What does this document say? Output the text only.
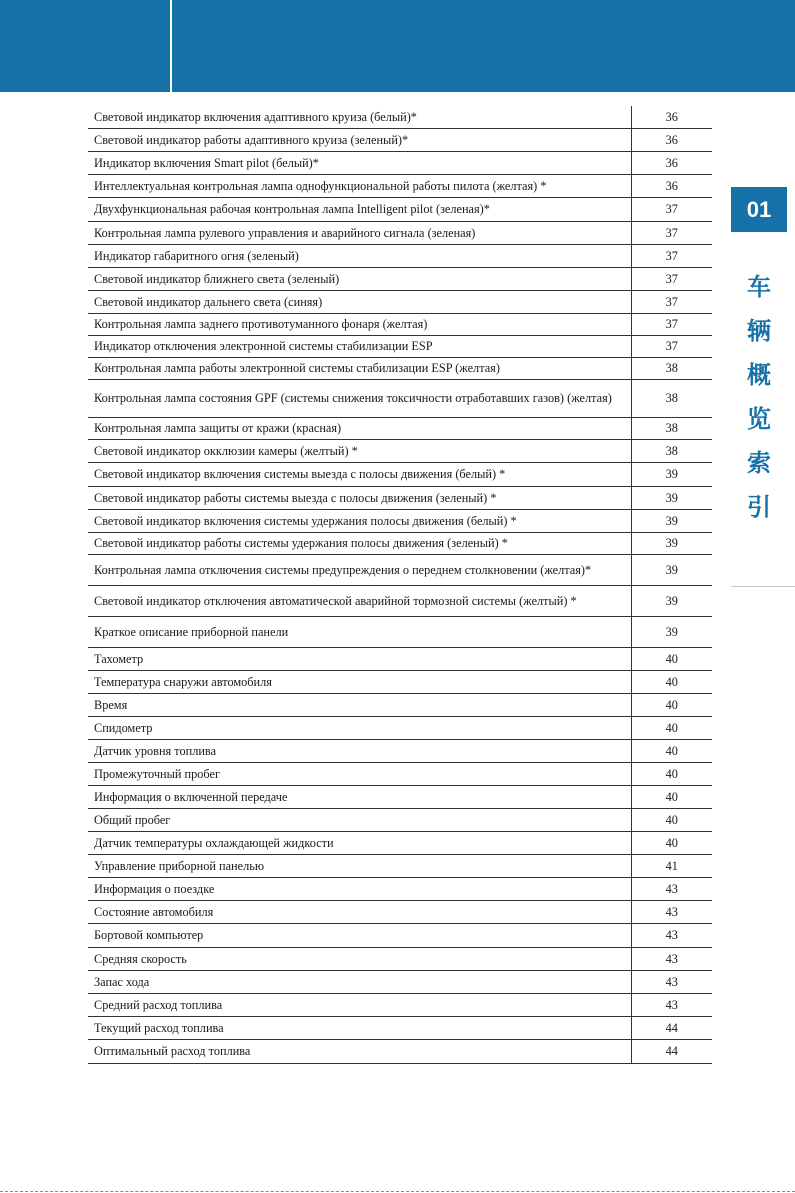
Световой индикатор включения адаптивного круиза (белый)*	36
Световой индикатор работы адаптивного круиза (зеленый)*	36
Индикатор включения Smart pilot (белый)*	36
Интеллектуальная контрольная лампа однофункциональной работы пилота (желтая) *	36
Двухфункциональная рабочая контрольная лампа Intelligent pilot (зеленая)*	37
Контрольная лампа рулевого управления и аварийного сигнала (зеленая)	37
Индикатор габаритного огня (зеленый)	37
Световой индикатор ближнего света (зеленый)	37
Световой индикатор дальнего света (синяя)	37
Контрольная лампа заднего противотуманного фонаря (желтая)	37
Индикатор отключения электронной системы стабилизации ESP	37
Контрольная лампа работы электронной системы стабилизации ESP (желтая)	38
Контрольная лампа состояния GPF (системы снижения токсичности отработавших газов) (желтая)	38
Контрольная лампа защиты от кражи (красная)	38
Световой индикатор окклюзии камеры (желтый) *	38
Световой индикатор включения системы выезда с полосы движения (белый) *	39
Световой индикатор работы системы выезда с полосы движения (зеленый) *	39
Световой индикатор включения системы удержания полосы движения (белый) *	39
Световой индикатор работы системы удержания полосы движения (зеленый) *	39
Контрольная лампа отключения системы предупреждения о переднем столкновении (желтая)*	39
Световой индикатор отключения автоматической аварийной тормозной системы (желтый) *	39
Краткое описание приборной панели	39
Тахометр	40
Температура снаружи автомобиля	40
Время	40
Спидометр	40
Датчик уровня топлива	40
Промежуточный пробег	40
Информация о включенной передаче	40
Общий пробег	40
Датчик температуры охлаждающей жидкости	40
Управление приборной панелью	41
Информация о поездке	43
Состояние автомобиля	43
Бортовой компьютер	43
Средняя скорость	43
Запас хода	43
Средний расход топлива	43
Текущий расход топлива	44
Оптимальный расход топлива	44
01
车
辆
概
览
索
引
